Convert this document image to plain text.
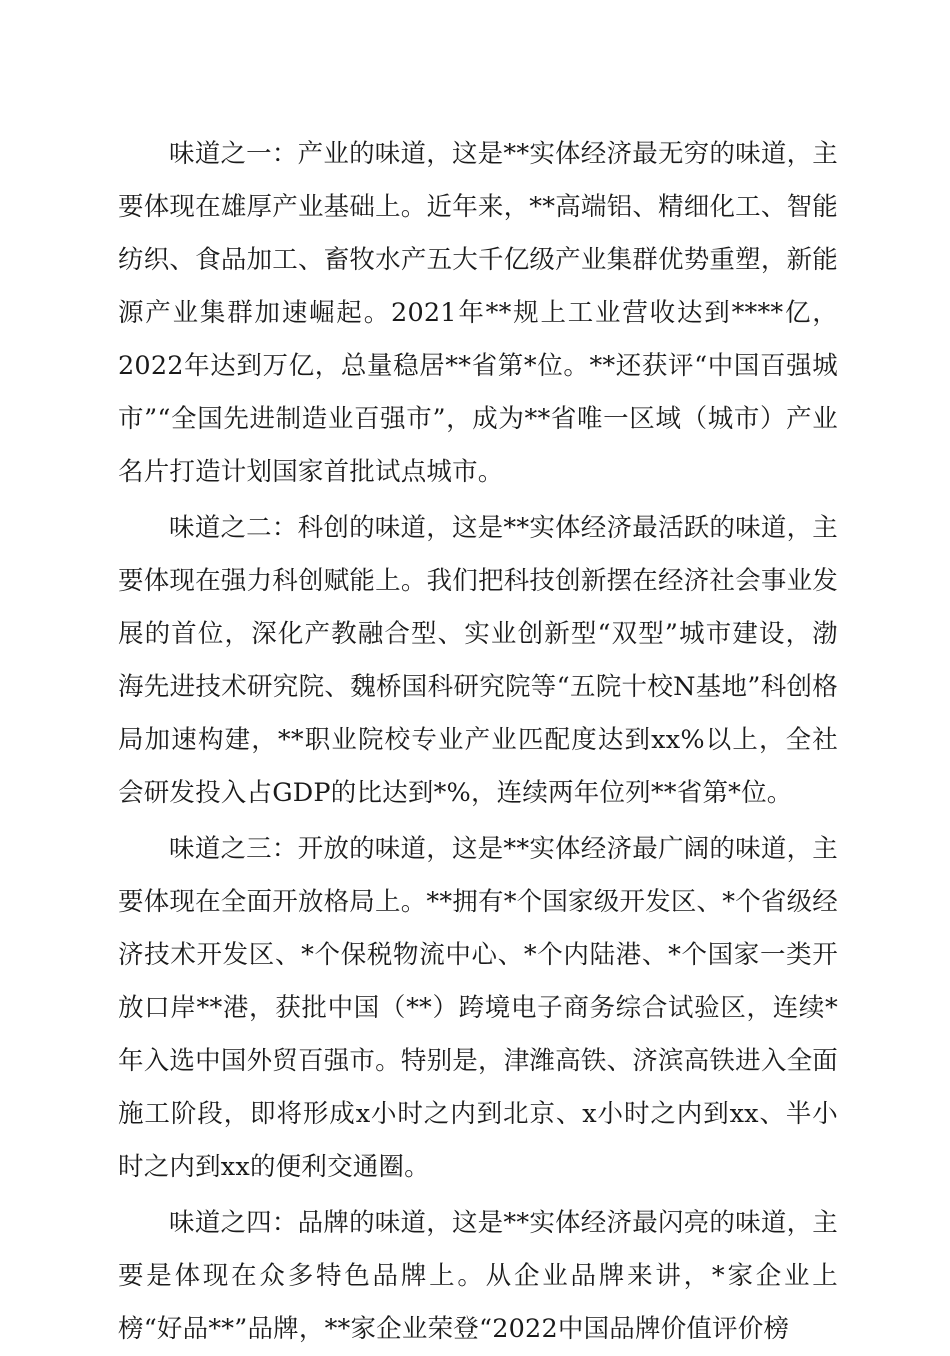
味道之一：产业的味道，这是**实体经济最无穷的味道，主要体现在雄厚产业基础上。近年来，**高端铝、精细化工、智能纺织、食品加工、畜牧水产五大千亿级产业集群优势重塑，新能源产业集群加速崛起。2021年**规上工业营收达到****亿，2022年达到万亿，总量稳居**省第*位。**还获评“中国百强城市”“全国先进制造业百强市”，成为**省唯一区域（城市）产业名片打造计划国家首批试点城市。

味道之二：科创的味道，这是**实体经济最活跃的味道，主要体现在强力科创赋能上。我们把科技创新摆在经济社会事业发展的首位，深化产教融合型、实业创新型“双型”城市建设，渤海先进技术研究院、魏桥国科研究院等“五院十校N基地”科创格局加速构建，**职业院校专业产业匹配度达到xx%以上，全社会研发投入占GDP的比达到*%，连续两年位列**省第*位。

味道之三：开放的味道，这是**实体经济最广阔的味道，主要体现在全面开放格局上。**拥有*个国家级开发区、*个省级经济技术开发区、*个保税物流中心、*个内陆港、*个国家一类开放口岸**港，获批中国（**）跨境电子商务综合试验区，连续*年入选中国外贸百强市。特别是，津潍高铁、济滨高铁进入全面施工阶段，即将形成x小时之内到北京、x小时之内到xx、半小时之内到xx的便利交通圈。

味道之四：品牌的味道，这是**实体经济最闪亮的味道，主要是体现在众多特色品牌上。从企业品牌来讲，*家企业上榜“好品**”品牌，**家企业荣登“2022中国品牌价值评价榜
